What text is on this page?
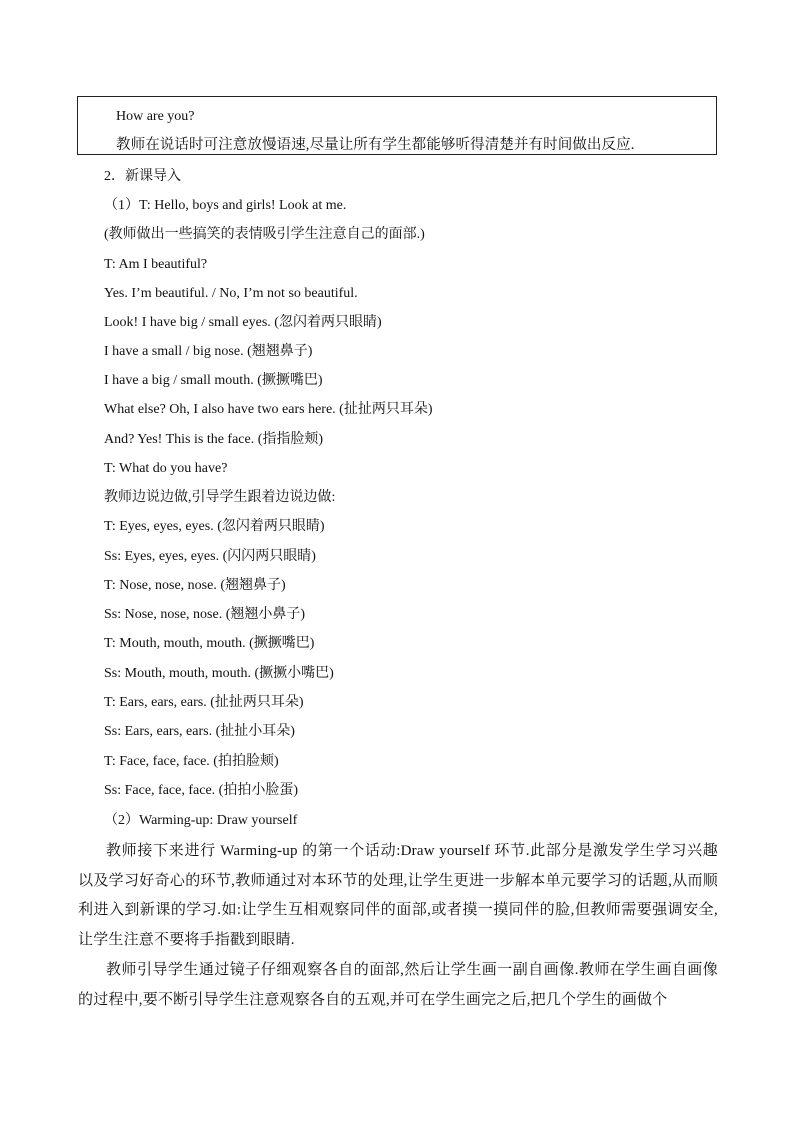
How are you?
教师在说话时可注意放慢语速,尽量让所有学生都能够听得清楚并有时间做出反应.
2．新课导入
（1）T: Hello, boys and girls! Look at me.
(教师做出一些搞笑的表情吸引学生注意自己的面部.)
T: Am I beautiful?
Yes. I’m beautiful. / No, I’m not so beautiful.
Look! I have big / small eyes. (忽闪着两只眼睛)
I have a small / big nose. (翘翘鼻子)
I have a big / small mouth. (撅撅嘴巴)
What else? Oh, I also have two ears here. (扯扯两只耳朵)
And? Yes! This is the face. (指指脸颊)
T: What do you have?
教师边说边做,引导学生跟着边说边做:
T: Eyes, eyes, eyes. (忽闪着两只眼睛)
Ss: Eyes, eyes, eyes. (闪闪两只眼睛)
T: Nose, nose, nose. (翘翘鼻子)
Ss: Nose, nose, nose. (翘翘小鼻子)
T: Mouth, mouth, mouth. (撅撅嘴巴)
Ss: Mouth, mouth, mouth. (撅撅小嘴巴)
T: Ears, ears, ears. (扯扯两只耳朵)
Ss: Ears, ears, ears. (扯扯小耳朵)
T: Face, face, face. (拍拍脸颊)
Ss: Face, face, face. (拍拍小脸蛋)
（2）Warming-up: Draw yourself
教师接下来进行 Warming-up 的第一个话动:Draw yourself 环节.此部分是激发学生学习兴趣以及学习好奇心的环节,教师通过对本环节的处理,让学生更进一步解本单元要学习的话题,从而顺利进入到新课的学习.如:让学生互相观察同伴的面部,或者摸一摸同伴的脸,但教师需要强调安全,让学生注意不要将手指戳到眼睛.
教师引导学生通过镜子仔细观察各自的面部,然后让学生画一副自画像.教师在学生画自画像的过程中,要不断引导学生注意观察各自的五观,并可在学生画完之后,把几个学生的画做个
